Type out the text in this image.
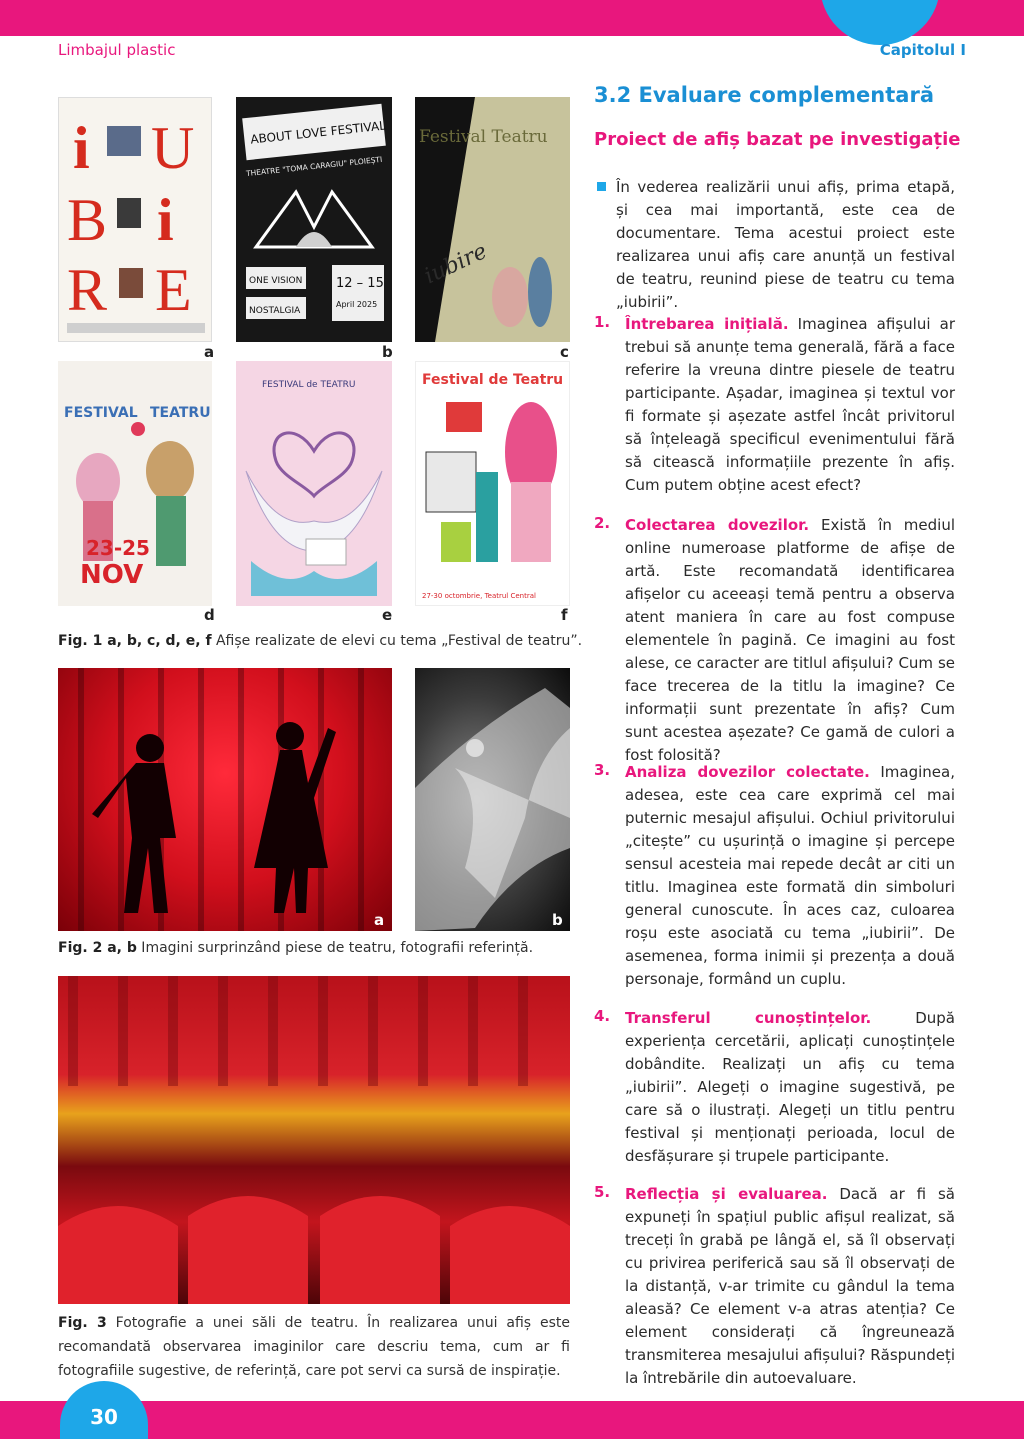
Limbajul plastic	Capitolul I
i U
B i
R E
a
ABOUT LOVE FESTIVAL
THEATRE "TOMA CARAGIU" PLOIEȘTI
ONE VISION
NOSTALGIA
12 – 15
April 2025
b
Festival Teatru
iubire
c
FESTIVAL TEATRU
23-25
NOV
d
FESTIVAL de TEATRU
e
Festival de Teatru
27-30 octombrie, Teatrul Central
f
Fig. 1 a, b, c, d, e, f Afișe realizate de elevi cu tema „Festival de teatru”.
a	b
Fig. 2 a, b Imagini surprinzând piese de teatru, fotografii referință.
Fig. 3 Fotografie a unei săli de teatru. În realizarea unui afiș este recomandată observarea imaginilor care descriu tema, cum ar fi fotografiile sugestive, de referință, care pot servi ca sursă de inspirație.
3.2 Evaluare complementară
Proiect de afiș bazat pe investigație
În vederea realizării unui afiș, prima etapă, și cea mai importantă, este cea de documentare. Tema acestui proiect este realizarea unui afiș care anunță un festival de teatru, reunind piese de teatru cu tema „iubirii”.
1. Întrebarea inițială. Imaginea afișului ar trebui să anunțe tema generală, fără a face referire la vreuna dintre piesele de teatru participante. Așadar, imaginea și textul vor fi formate și așezate astfel încât privitorul să înțeleagă specificul evenimentului fără să citească informațiile prezente în afiș. Cum putem obține acest efect?
2. Colectarea dovezilor. Există în mediul online numeroase platforme de afișe de artă. Este recomandată identificarea afișelor cu aceeași temă pentru a observa atent maniera în care au fost compuse elementele în pagină. Ce imagini au fost alese, ce caracter are titlul afișului? Cum se face trecerea de la titlu la imagine? Ce informații sunt prezentate în afiș? Cum sunt acestea așezate? Ce gamă de culori a fost folosită?
3. Analiza dovezilor colectate. Imaginea, adesea, este cea care exprimă cel mai puternic mesajul afișului. Ochiul privitorului „citește” cu ușurință o imagine și percepe sensul acesteia mai repede decât ar citi un titlu. Imaginea este formată din simboluri general cunoscute. În aces caz, culoarea roșu este asociată cu tema „iubirii”. De asemenea, forma inimii și prezența a două personaje, formând un cuplu.
4. Transferul cunoștințelor. După experiența cercetării, aplicați cunoștințele dobândite. Realizați un afiș cu tema „iubirii”. Alegeți o imagine sugestivă, pe care să o ilustrați. Alegeți un titlu pentru festival și menționați perioada, locul de desfășurare și trupele participante.
5. Reflecția și evaluarea. Dacă ar fi să expuneți în spațiul public afișul realizat, să treceți în grabă pe lângă el, să îl observați cu privirea periferică sau să îl observați de la distanță, v-ar trimite cu gândul la tema aleasă? Ce element v-a atras atenția? Ce element considerați că îngreunează transmiterea mesajului afișului? Răspundeți la întrebările din autoevaluare.
30
